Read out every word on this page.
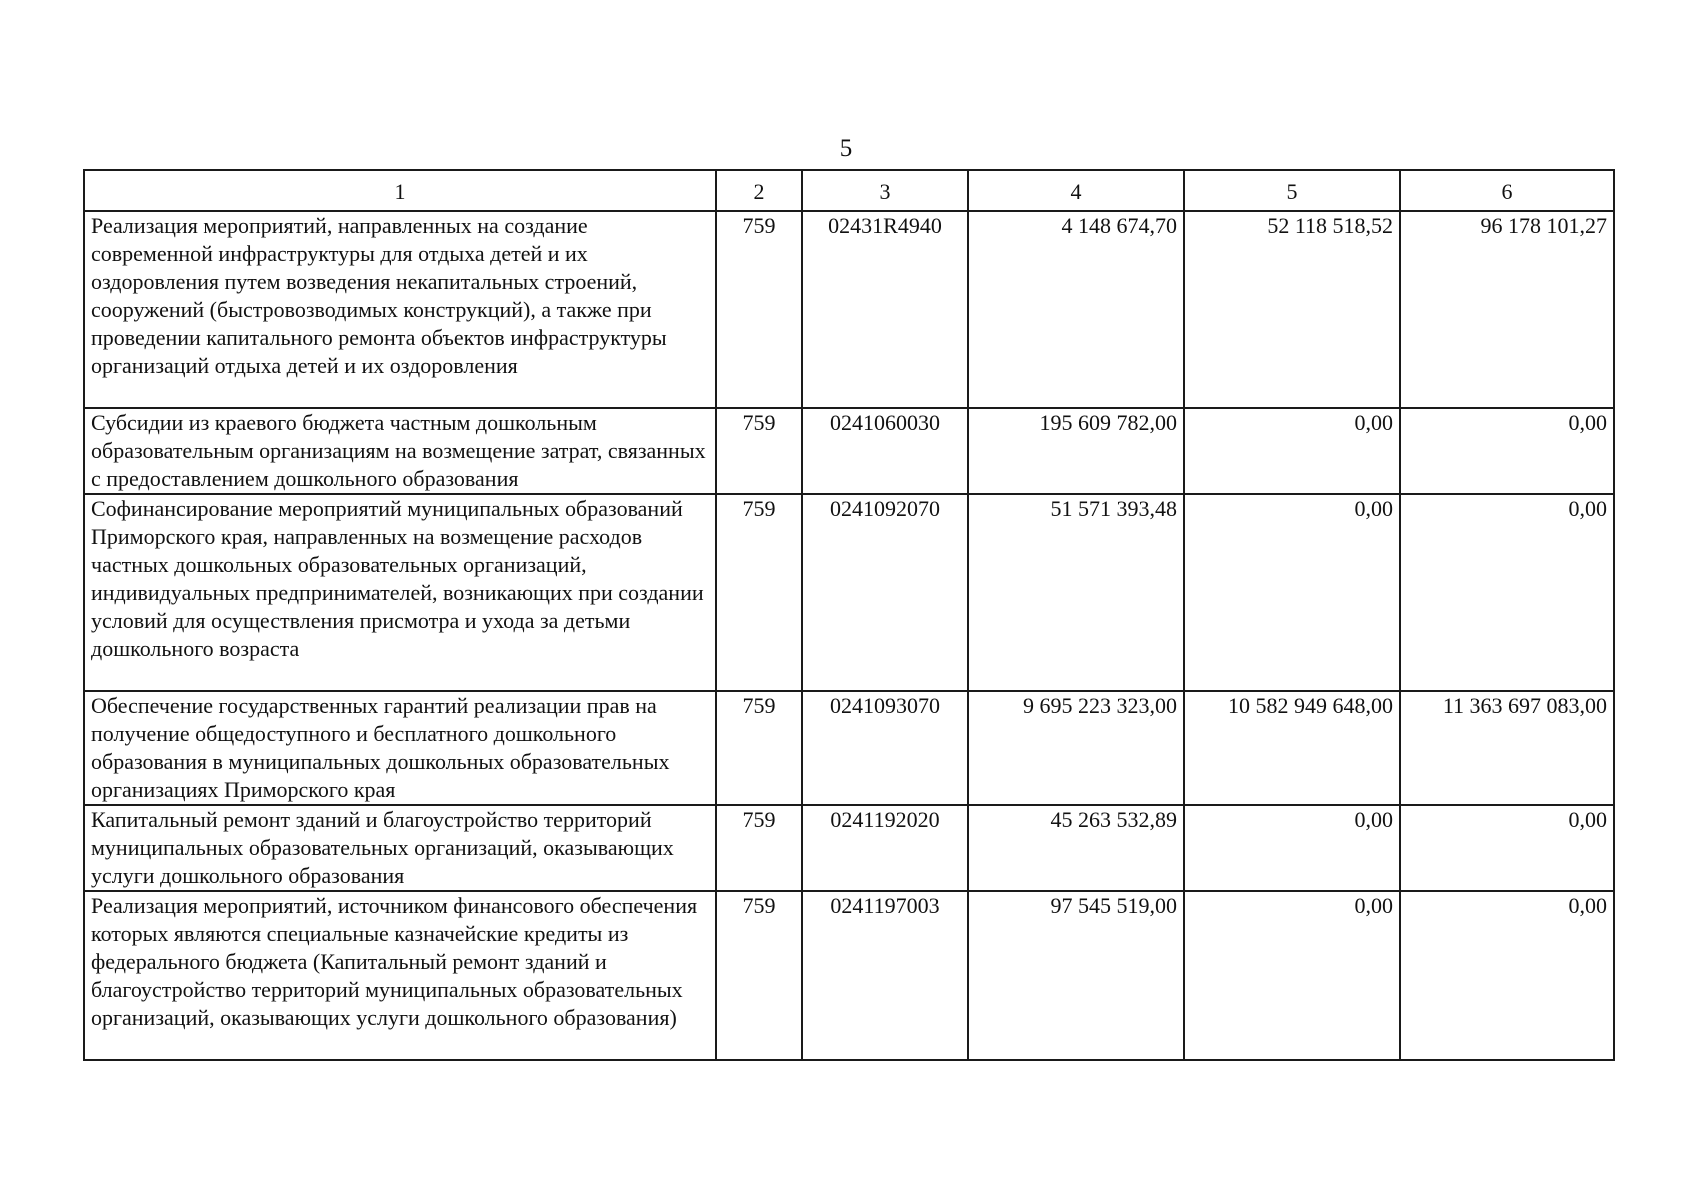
5
1	2	3	4	5	6
Реализация мероприятий, направленных на создание современной инфраструктуры для отдыха детей и их оздоровления путем возведения некапитальных строений, сооружений (быстровозводимых конструкций), а также при проведении капитального ремонта объектов инфраструктуры организаций отдыха детей и их оздоровления	759	02431R4940	4 148 674,70	52 118 518,52	96 178 101,27
Субсидии из краевого бюджета частным дошкольным образовательным организациям на возмещение затрат, связанных с предоставлением дошкольного образования	759	0241060030	195 609 782,00	0,00	0,00
Софинансирование мероприятий муниципальных образований Приморского края, направленных на возмещение расходов частных дошкольных образовательных организаций, индивидуальных предпринимателей, возникающих при создании условий для осуществления присмотра и ухода за детьми дошкольного возраста	759	0241092070	51 571 393,48	0,00	0,00
Обеспечение государственных гарантий реализации прав на получение общедоступного и бесплатного дошкольного образования в муниципальных дошкольных образовательных организациях Приморского края	759	0241093070	9 695 223 323,00	10 582 949 648,00	11 363 697 083,00
Капитальный ремонт зданий и благоустройство территорий муниципальных образовательных организаций, оказывающих услуги дошкольного образования	759	0241192020	45 263 532,89	0,00	0,00
Реализация мероприятий, источником финансового обеспечения которых являются специальные казначейские кредиты из федерального бюджета (Капитальный ремонт зданий и благоустройство территорий муниципальных образовательных организаций, оказывающих услуги дошкольного образования)	759	0241197003	97 545 519,00	0,00	0,00
